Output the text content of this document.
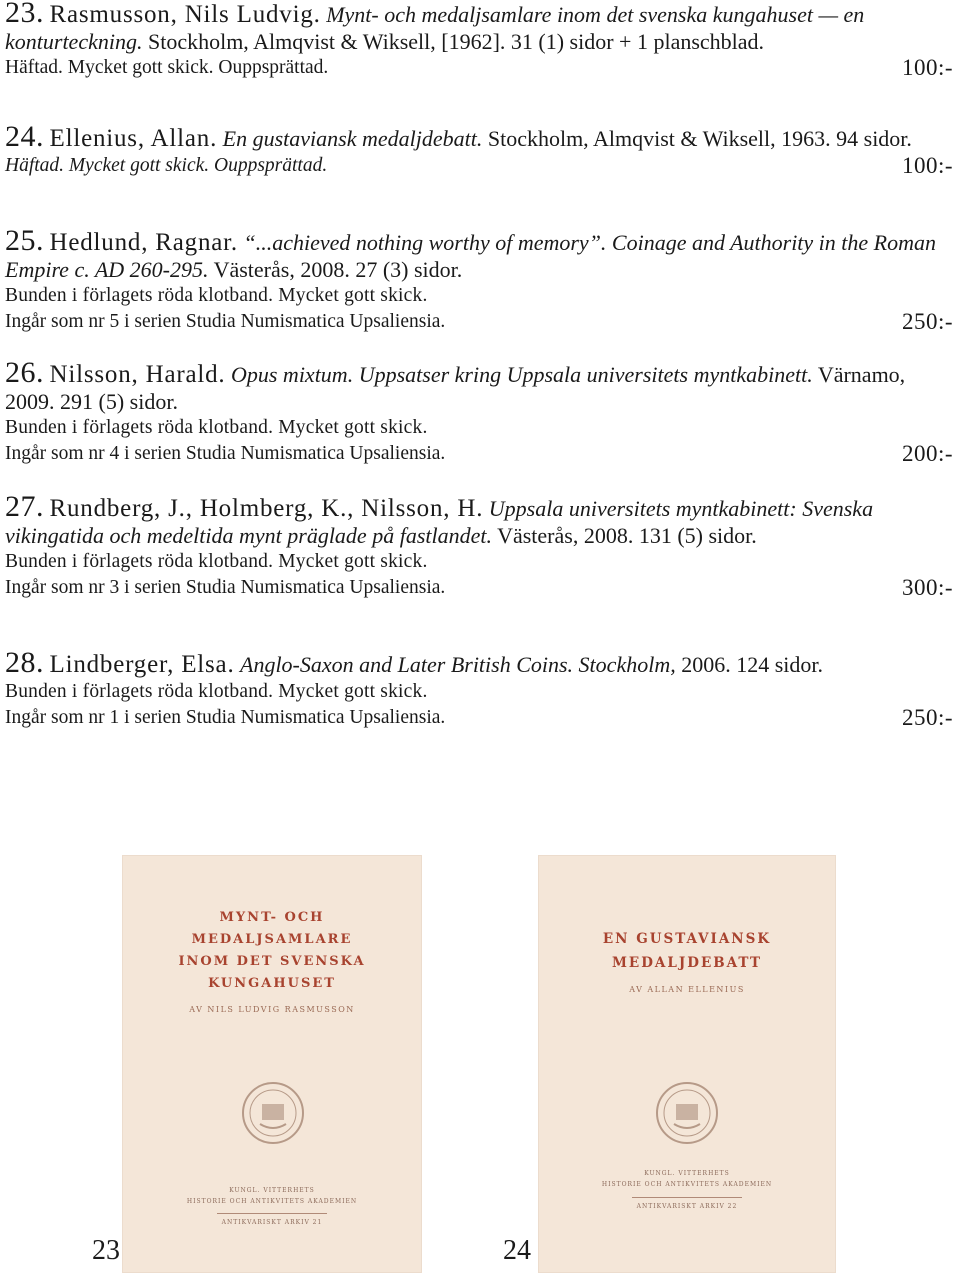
23. Rasmusson, Nils Ludvig. Mynt- och medaljsamlare inom det svenska kungahuset — en konturteckning. Stockholm, Almqvist & Wiksell, [1962]. 31 (1) sidor + 1 planschblad.
Häftad. Mycket gott skick. Ouppsprättad.	100:-
24. Ellenius, Allan. En gustaviansk medaljdebatt. Stockholm, Almqvist & Wiksell, 1963. 94 sidor.
Häftad. Mycket gott skick. Ouppsprättad.	100:-
25. Hedlund, Ragnar. “...achieved nothing worthy of memory”. Coinage and Authority in the Roman Empire c. AD 260-295. Västerås, 2008. 27 (3) sidor.
Bunden i förlagets röda klotband. Mycket gott skick.
Ingår som nr 5 i serien Studia Numismatica Upsaliensia.	250:-
26. Nilsson, Harald. Opus mixtum. Uppsatser kring Uppsala universitets myntkabinett. Värnamo, 2009. 291 (5) sidor.
Bunden i förlagets röda klotband. Mycket gott skick.
Ingår som nr 4 i serien Studia Numismatica Upsaliensia.	200:-
27. Rundberg, J., Holmberg, K., Nilsson, H. Uppsala universitets myntkabinett: Svenska vikingatida och medeltida mynt präglade på fastlandet. Västerås, 2008. 131 (5) sidor.
Bunden i förlagets röda klotband. Mycket gott skick.
Ingår som nr 3 i serien Studia Numismatica Upsaliensia.	300:-
28. Lindberger, Elsa. Anglo-Saxon and Later British Coins. Stockholm, 2006. 124 sidor.
Bunden i förlagets röda klotband. Mycket gott skick.
Ingår som nr 1 i serien Studia Numismatica Upsaliensia.	250:-
MYNT- OCH
MEDALJSAMLARE
INOM DET SVENSKA
KUNGAHUSET
AV NILS LUDVIG RASMUSSON
KUNGL. VITTERHETS
HISTORIE OCH ANTIKVITETS AKADEMIEN
ANTIKVARISKT ARKIV 21
23
EN GUSTAVIANSK
MEDALJDEBATT
AV ALLAN ELLENIUS
KUNGL. VITTERHETS
HISTORIE OCH ANTIKVITETS AKADEMIEN
ANTIKVARISKT ARKIV 22
24
